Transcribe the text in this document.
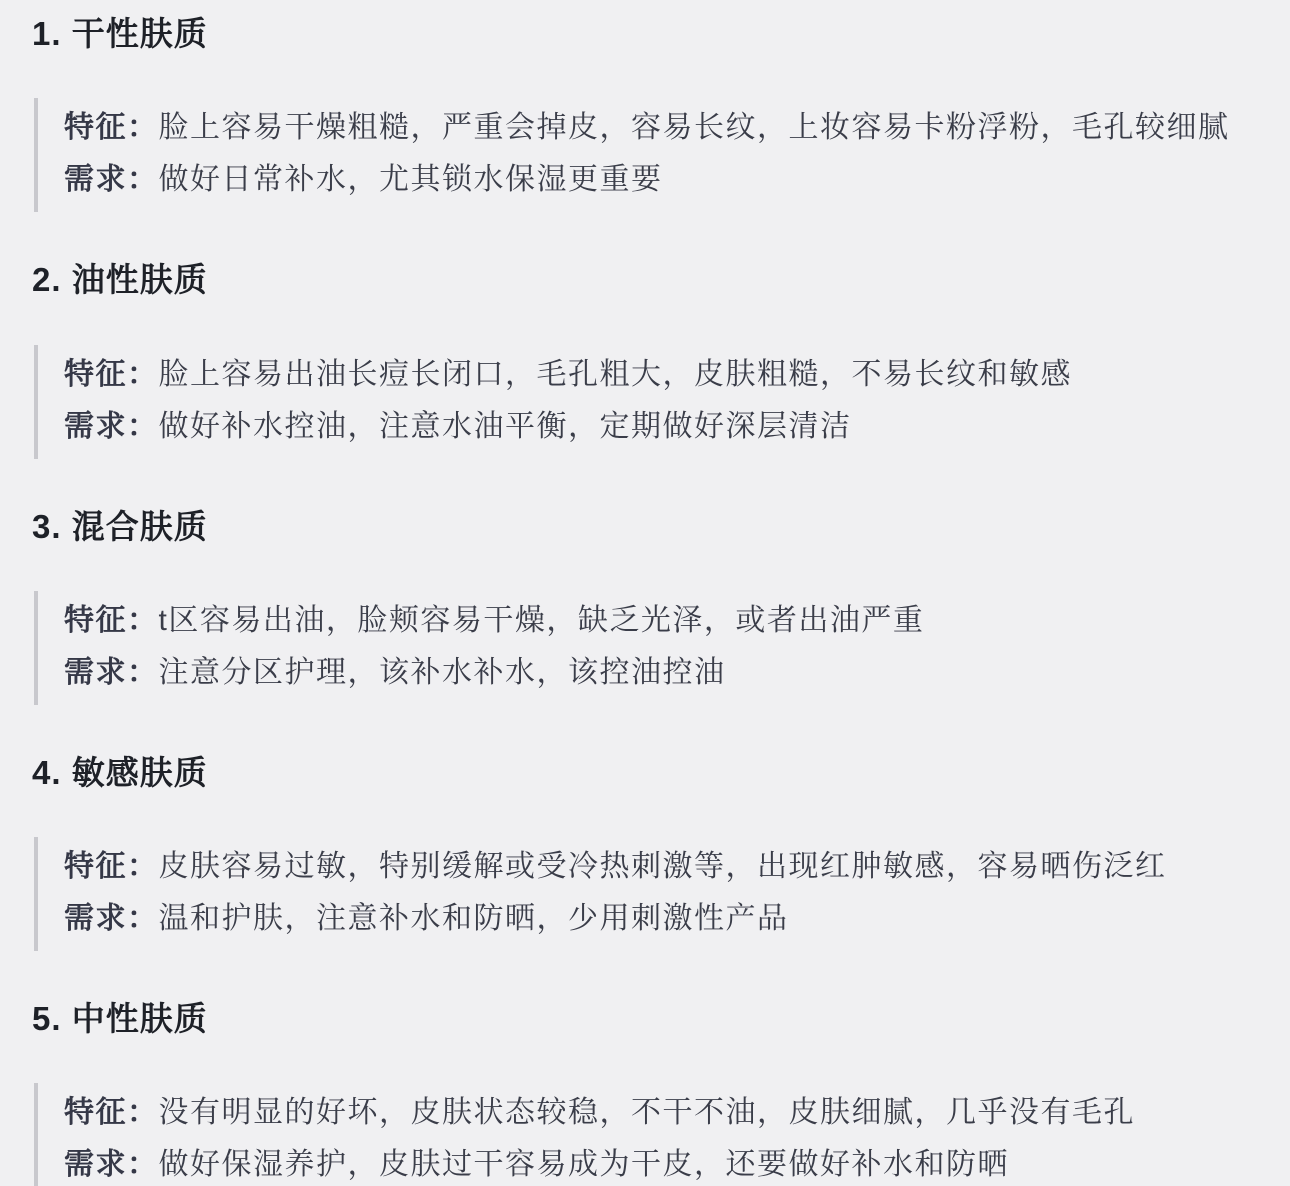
1. 干性肤质
特征：脸上容易干燥粗糙，严重会掉皮，容易长纹，上妆容易卡粉浮粉，毛孔较细腻
需求：做好日常补水，尤其锁水保湿更重要
2. 油性肤质
特征：脸上容易出油长痘长闭口，毛孔粗大，皮肤粗糙，不易长纹和敏感
需求：做好补水控油，注意水油平衡，定期做好深层清洁
3. 混合肤质
特征：t区容易出油，脸颊容易干燥，缺乏光泽，或者出油严重
需求：注意分区护理，该补水补水，该控油控油
4. 敏感肤质
特征：皮肤容易过敏，特别缓解或受冷热刺激等，出现红肿敏感，容易晒伤泛红
需求：温和护肤，注意补水和防晒，少用刺激性产品
5. 中性肤质
特征：没有明显的好坏，皮肤状态较稳，不干不油，皮肤细腻，几乎没有毛孔
需求：做好保湿养护，皮肤过干容易成为干皮，还要做好补水和防晒
